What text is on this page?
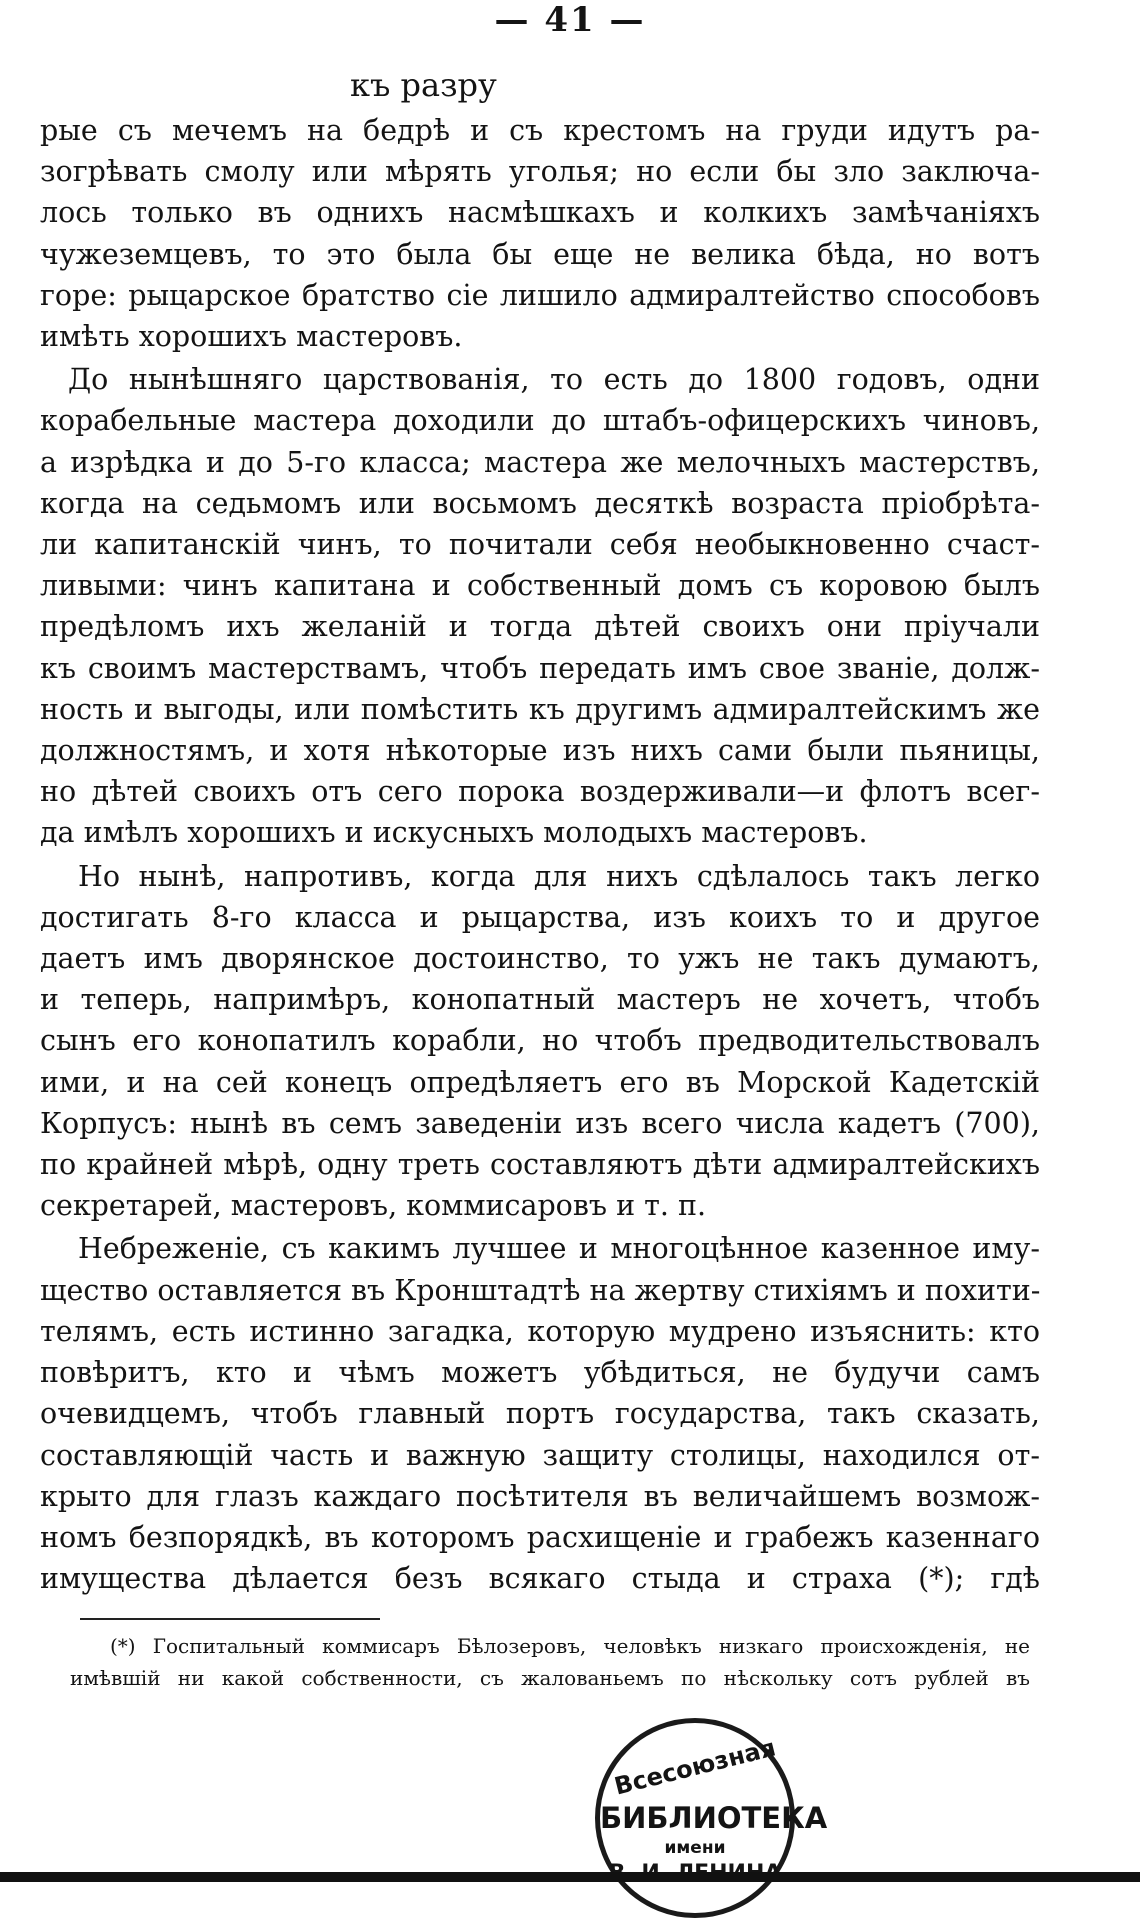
— 41 —
къ разру

рые съ мечемъ на бедрѣ и съ крестомъ на груди идутъ ра-
зогрѣвать смолу или мѣрять уголья; но если бы зло заключа-
лось только въ однихъ насмѣшкахъ и колкихъ замѣчаніяхъ
чужеземцевъ, то это была бы еще не велика бѣда, но вотъ
горе: рыцарское братство сіе лишило адмиралтейство способовъ
имѣть хорошихъ мастеровъ.

До нынѣшняго царствованія, то есть до 1800 годовъ, одни
корабельные мастера доходили до штабъ-офицерскихъ чиновъ,
а изрѣдка и до 5-го класса; мастера же мелочныхъ мастерствъ,
когда на седьмомъ или восьмомъ десяткѣ возраста пріобрѣта-
ли капитанскій чинъ, то почитали себя необыкновенно счаст-
ливыми: чинъ капитана и собственный домъ съ коровою былъ
предѣломъ ихъ желаній и тогда дѣтей своихъ они пріучали
къ своимъ мастерствамъ, чтобъ передать имъ свое званіе, долж-
ность и выгоды, или помѣстить къ другимъ адмиралтейскимъ же
должностямъ, и хотя нѣкоторые изъ нихъ сами были пьяницы,
но дѣтей своихъ отъ сего порока воздерживали—и флотъ всег-
да имѣлъ хорошихъ и искусныхъ молодыхъ мастеровъ.

Но нынѣ, напротивъ, когда для нихъ сдѣлалось такъ легко
достигать 8-го класса и рыцарства, изъ коихъ то и другое
даетъ имъ дворянское достоинство, то ужъ не такъ думаютъ,
и теперь, напримѣръ, конопатный мастеръ не хочетъ, чтобъ
сынъ его конопатилъ корабли, но чтобъ предводительствовалъ
ими, и на сей конецъ опредѣляетъ его въ Морской Кадетскій
Корпусъ: нынѣ въ семъ заведеніи изъ всего числа кадетъ (700),
по крайней мѣрѣ, одну треть составляютъ дѣти адмиралтейскихъ
секретарей, мастеровъ, коммисаровъ и т. п.

Небреженіе, съ какимъ лучшее и многоцѣнное казенное иму-
щество оставляется въ Кронштадтѣ на жертву стихіямъ и похити-
телямъ, есть истинно загадка, которую мудрено изъяснить: кто
повѣритъ, кто и чѣмъ можетъ убѣдиться, не будучи самъ
очевидцемъ, чтобъ главный портъ государства, такъ сказать,
составляющій часть и важную защиту столицы, находился от-
крыто для глазъ каждаго посѣтителя въ величайшемъ возмож-
номъ безпорядкѣ, въ которомъ расхищеніе и грабежъ казеннаго
имущества дѣлается безъ всякаго стыда и страха (*); гдѣ

(*) Госпитальный коммисаръ Бѣлозеровъ, человѣкъ низкаго происхожденія, не
имѣвшій ни какой собственности, съ жалованьемъ по нѣскольку сотъ рублей въ
Всесоюзная
БИБЛИОТЕКА
имени
